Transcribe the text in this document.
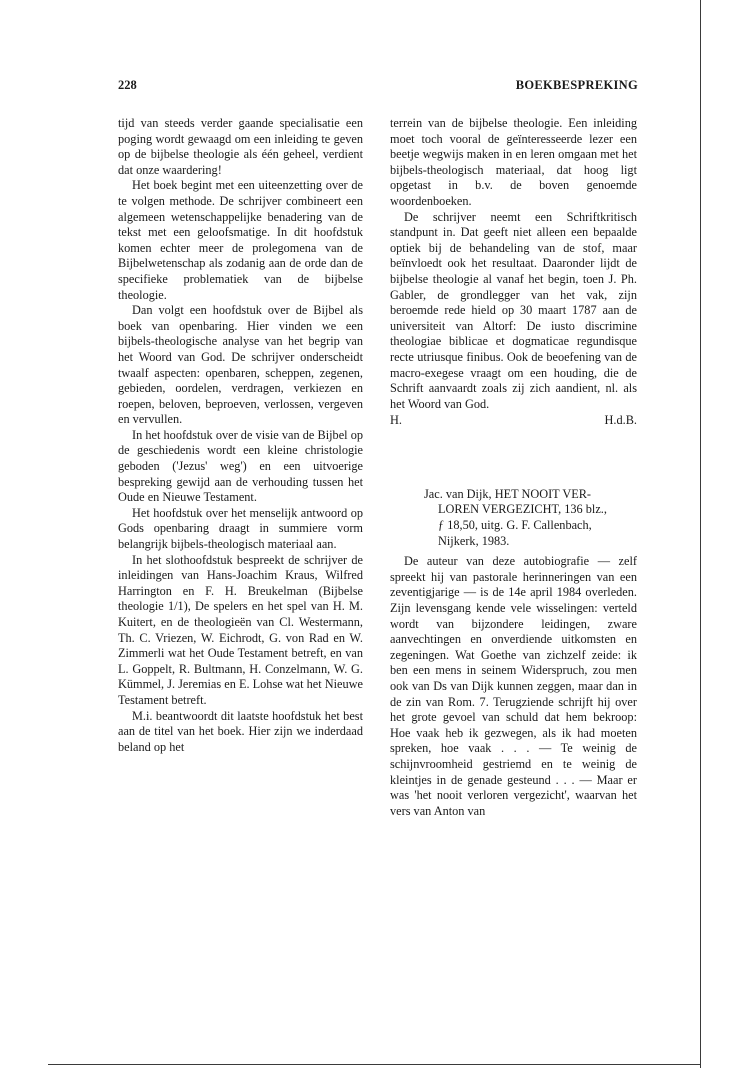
228	BOEKBESPREKING

tijd van steeds verder gaande specialisatie een poging wordt gewaagd om een inleiding te geven op de bijbelse theologie als één geheel, verdient dat onze waardering!

Het boek begint met een uiteenzetting over de te volgen methode. De schrijver combineert een algemeen wetenschappelijke benadering van de tekst met een geloofsmatige. In dit hoofdstuk komen echter meer de prolegomena van de Bijbelwetenschap als zodanig aan de orde dan de specifieke problematiek van de bijbelse theologie.

Dan volgt een hoofdstuk over de Bijbel als boek van openbaring. Hier vinden we een bijbels-theologische analyse van het begrip van het Woord van God. De schrijver onderscheidt twaalf aspecten: openbaren, scheppen, zegenen, gebieden, oordelen, verdragen, verkiezen en roepen, beloven, beproeven, verlossen, vergeven en vervullen.

In het hoofdstuk over de visie van de Bijbel op de geschiedenis wordt een kleine christologie geboden ('Jezus' weg') en een uitvoerige bespreking gewijd aan de verhouding tussen het Oude en Nieuwe Testament.

Het hoofdstuk over het menselijk antwoord op Gods openbaring draagt in summiere vorm belangrijk bijbels-theologisch materiaal aan.

In het slothoofdstuk bespreekt de schrijver de inleidingen van Hans-Joachim Kraus, Wilfred Harrington en F. H. Breukelman (Bijbelse theologie 1/1), De spelers en het spel van H. M. Kuitert, en de theologieën van Cl. Westermann, Th. C. Vriezen, W. Eichrodt, G. von Rad en W. Zimmerli wat het Oude Testament betreft, en van L. Goppelt, R. Bultmann, H. Conzelmann, W. G. Kümmel, J. Jeremias en E. Lohse wat het Nieuwe Testament betreft.

M.i. beantwoordt dit laatste hoofdstuk het best aan de titel van het boek. Hier zijn we inderdaad beland op het

terrein van de bijbelse theologie. Een inleiding moet toch vooral de geïnteresseerde lezer een beetje wegwijs maken in en leren omgaan met het bijbels-theologisch materiaal, dat hoog ligt opgetast in b.v. de boven genoemde woordenboeken.

De schrijver neemt een Schriftkritisch standpunt in. Dat geeft niet alleen een bepaalde optiek bij de behandeling van de stof, maar beïnvloedt ook het resultaat. Daaronder lijdt de bijbelse theologie al vanaf het begin, toen J. Ph. Gabler, de grondlegger van het vak, zijn beroemde rede hield op 30 maart 1787 aan de universiteit van Altorf: De iusto discrimine theologiae biblicae et dogmaticae regundisque recte utriusque finibus. Ook de beoefening van de macro-exegese vraagt om een houding, die de Schrift aanvaardt zoals zij zich aandient, nl. als het Woord van God.

H.	H.d.B.

Jac. van Dijk, HET NOOIT VER-

LOREN VERGEZICHT, 136 blz.,

ƒ 18,50, uitg. G. F. Callenbach,

Nijkerk, 1983.

De auteur van deze autobiografie — zelf spreekt hij van pastorale herinneringen van een zeventigjarige — is de 14e april 1984 overleden. Zijn levensgang kende vele wisselingen: verteld wordt van bijzondere leidingen, zware aanvechtingen en onverdiende uitkomsten en zegeningen. Wat Goethe van zichzelf zeide: ik ben een mens in seinem Widerspruch, zou men ook van Ds van Dijk kunnen zeggen, maar dan in de zin van Rom. 7. Terugziende schrijft hij over het grote gevoel van schuld dat hem bekroop: Hoe vaak heb ik gezwegen, als ik had moeten spreken, hoe vaak . . . — Te weinig de schijnvroomheid gestriemd en te weinig de kleintjes in de genade gesteund . . . — Maar er was 'het nooit verloren vergezicht', waarvan het vers van Anton van
